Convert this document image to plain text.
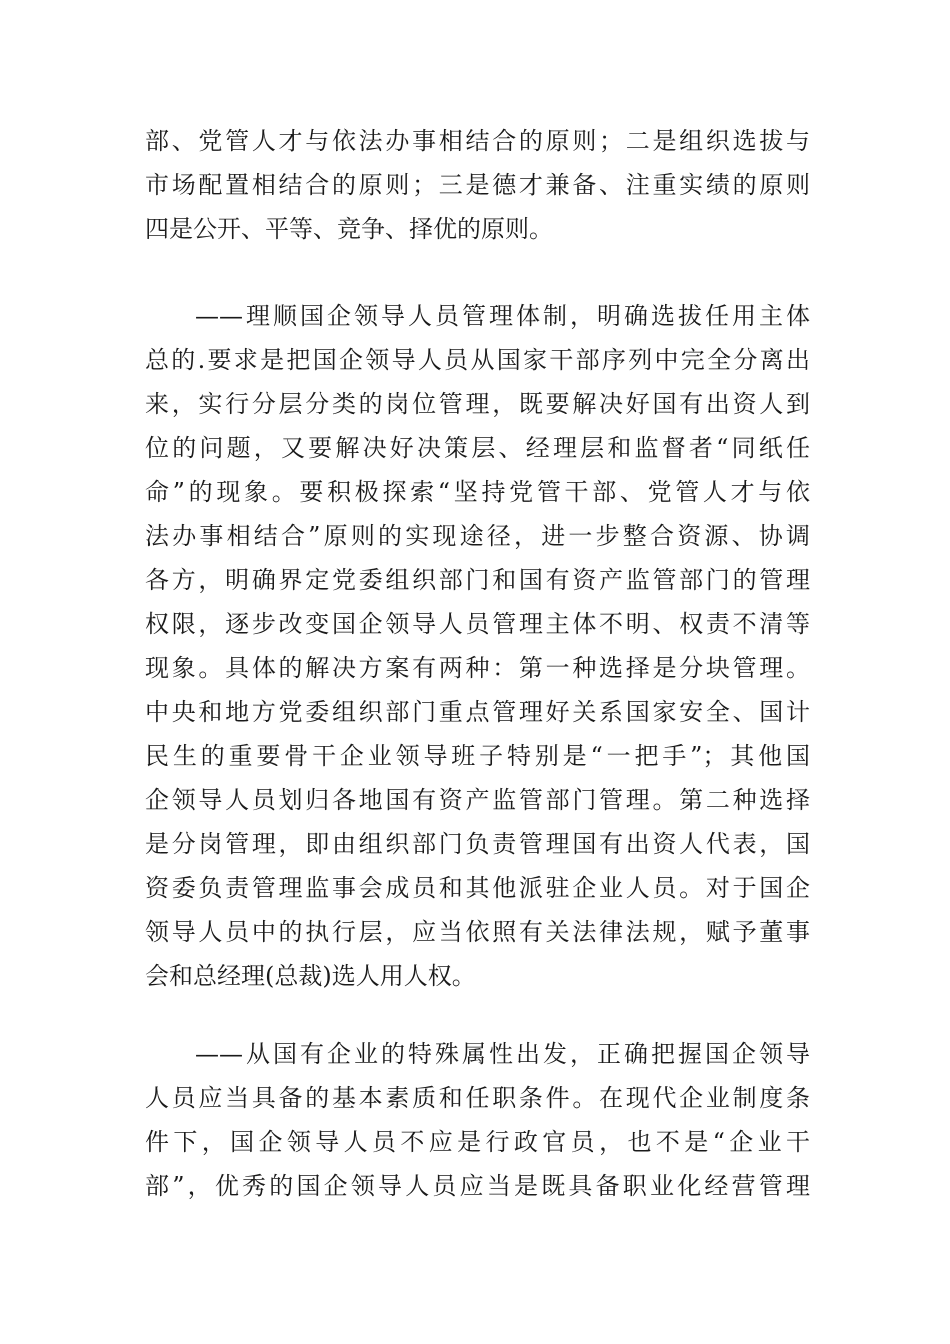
部、党管人才与依法办事相结合的原则；二是组织选拔与
市场配置相结合的原则；三是德才兼备、注重实绩的原则
四是公开、平等、竞争、择优的原则。
——理顺国企领导人员管理体制，明确选拔任用主体
总的.要求是把国企领导人员从国家干部序列中完全分离出
来，实行分层分类的岗位管理，既要解决好国有出资人到
位的问题，又要解决好决策层、经理层和监督者“同纸任
命”的现象。要积极探索“坚持党管干部、党管人才与依
法办事相结合”原则的实现途径，进一步整合资源、协调
各方，明确界定党委组织部门和国有资产监管部门的管理
权限，逐步改变国企领导人员管理主体不明、权责不清等
现象。具体的解决方案有两种：第一种选择是分块管理。
中央和地方党委组织部门重点管理好关系国家安全、国计
民生的重要骨干企业领导班子特别是“一把手”；其他国
企领导人员划归各地国有资产监管部门管理。第二种选择
是分岗管理，即由组织部门负责管理国有出资人代表，国
资委负责管理监事会成员和其他派驻企业人员。对于国企
领导人员中的执行层，应当依照有关法律法规，赋予董事
会和总经理(总裁)选人用人权。
——从国有企业的特殊属性出发，正确把握国企领导
人员应当具备的基本素质和任职条件。在现代企业制度条
件下，国企领导人员不应是行政官员，也不是“企业干
部”，优秀的国企领导人员应当是既具备职业化经营管理
